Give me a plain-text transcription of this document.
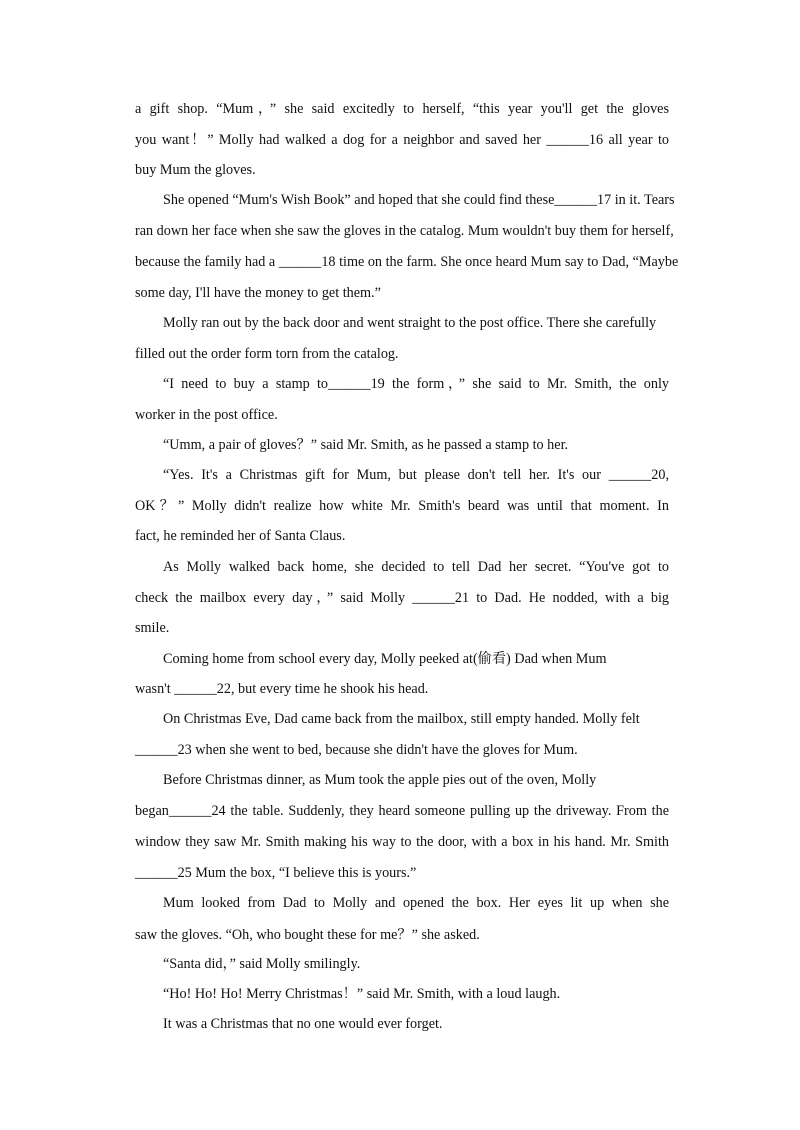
a gift shop. “Mum，” she said excitedly to herself, “this year you'll get the gloves

you want！” Molly had walked a dog for a neighbor and saved her ______16 all year to

buy Mum the gloves.

She opened “Mum's Wish Book” and hoped that she could find these______17 in it. Tears

ran down her face when she saw the gloves in the catalog. Mum wouldn't buy them for herself,

because the family had a ______18 time on the farm. She once heard Mum say to Dad, “Maybe

some day, I'll have the money to get them.”

Molly ran out by the back door and went straight to the post office. There she carefully

filled out the order form torn from the catalog.

“I need to buy a stamp to______19 the form，” she said to Mr. Smith, the only

worker in the post office.

“Umm, a pair of gloves？” said Mr. Smith, as he passed a stamp to her.

“Yes. It's a Christmas gift for Mum, but please don't tell her. It's our ______20,

OK？” Molly didn't realize how white Mr. Smith's beard was until that moment. In

fact, he reminded her of Santa Claus.

As Molly walked back home, she decided to tell Dad her secret. “You've got to

check the mailbox every day，” said Molly ______21 to Dad. He nodded, with a big

smile.

Coming home from school every day, Molly peeked at(偷看) Dad when Mum

wasn't ______22, but every time he shook his head.

On Christmas Eve, Dad came back from the mailbox, still empty handed. Molly felt

______23 when she went to bed, because she didn't have the gloves for Mum.

Before Christmas dinner, as Mum took the apple pies out of the oven, Molly

began______24 the table. Suddenly, they heard someone pulling up the driveway. From the

window they saw Mr. Smith making his way to the door, with a box in his hand. Mr. Smith

______25 Mum the box, “I believe this is yours.”

Mum looked from Dad to Molly and opened the box. Her eyes lit up when she

saw the gloves. “Oh, who bought these for me？” she asked.

“Santa did，” said Molly smilingly.

“Ho! Ho! Ho! Merry Christmas！” said Mr. Smith, with a loud laugh.

It was a Christmas that no one would ever forget.
